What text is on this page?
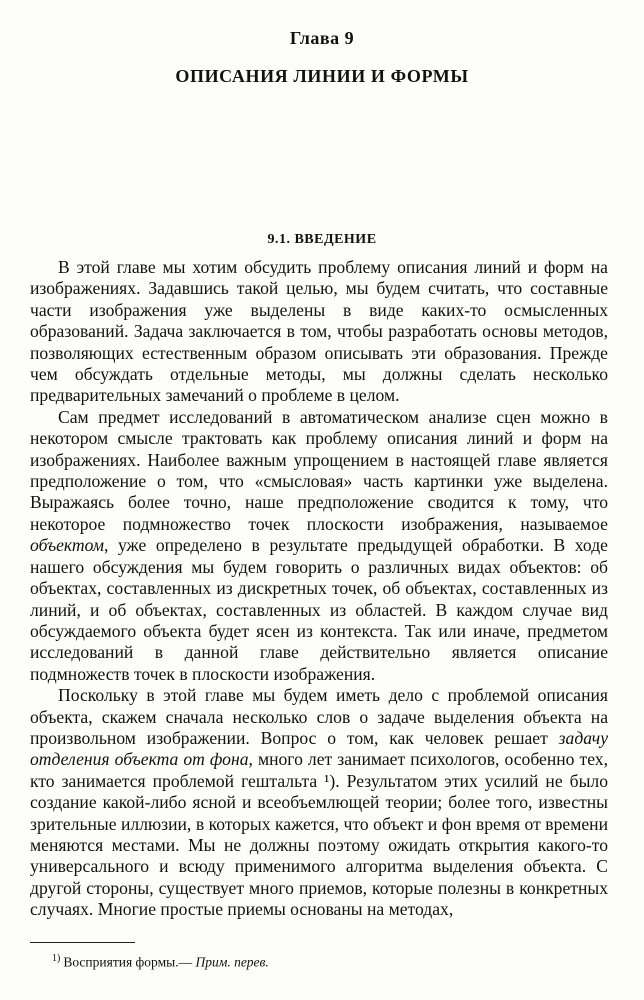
Глава 9
ОПИСАНИЯ ЛИНИИ И ФОРМЫ
9.1. ВВЕДЕНИЕ

В этой главе мы хотим обсудить проблему описания линий и форм на изображениях. Задавшись такой целью, мы будем считать, что составные части изображения уже выделены в виде каких-то осмысленных образований. Задача заключается в том, чтобы разработать основы методов, позволяющих естественным образом описывать эти образования. Прежде чем обсуждать отдельные методы, мы должны сделать несколько предварительных замечаний о проблеме в целом.

Сам предмет исследований в автоматическом анализе сцен можно в некотором смысле трактовать как проблему описания линий и форм на изображениях. Наиболее важным упрощением в настоящей главе является предположение о том, что «смысловая» часть картинки уже выделена. Выражаясь более точно, наше предположение сводится к тому, что некоторое подмножество точек плоскости изображения, называемое объектом, уже определено в результате предыдущей обработки. В ходе нашего обсуждения мы будем говорить о различных видах объектов: об объектах, составленных из дискретных точек, об объектах, составленных из линий, и об объектах, составленных из областей. В каждом случае вид обсуждаемого объекта будет ясен из контекста. Так или иначе, предметом исследований в данной главе действительно является описание подмножеств точек в плоскости изображения.

Поскольку в этой главе мы будем иметь дело с проблемой описания объекта, скажем сначала несколько слов о задаче выделения объекта на произвольном изображении. Вопрос о том, как человек решает задачу отделения объекта от фона, много лет занимает психологов, особенно тех, кто занимается проблемой гештальта ¹). Результатом этих усилий не было создание какой-либо ясной и всеобъемлющей теории; более того, известны зрительные иллюзии, в которых кажется, что объект и фон время от времени меняются местами. Мы не должны поэтому ожидать открытия какого-то универсального и всюду применимого алгоритма выделения объекта. С другой стороны, существует много приемов, которые полезны в конкретных случаях. Многие простые приемы основаны на методах,

$^{1)}$ Восприятия формы.— Прим. перев.
